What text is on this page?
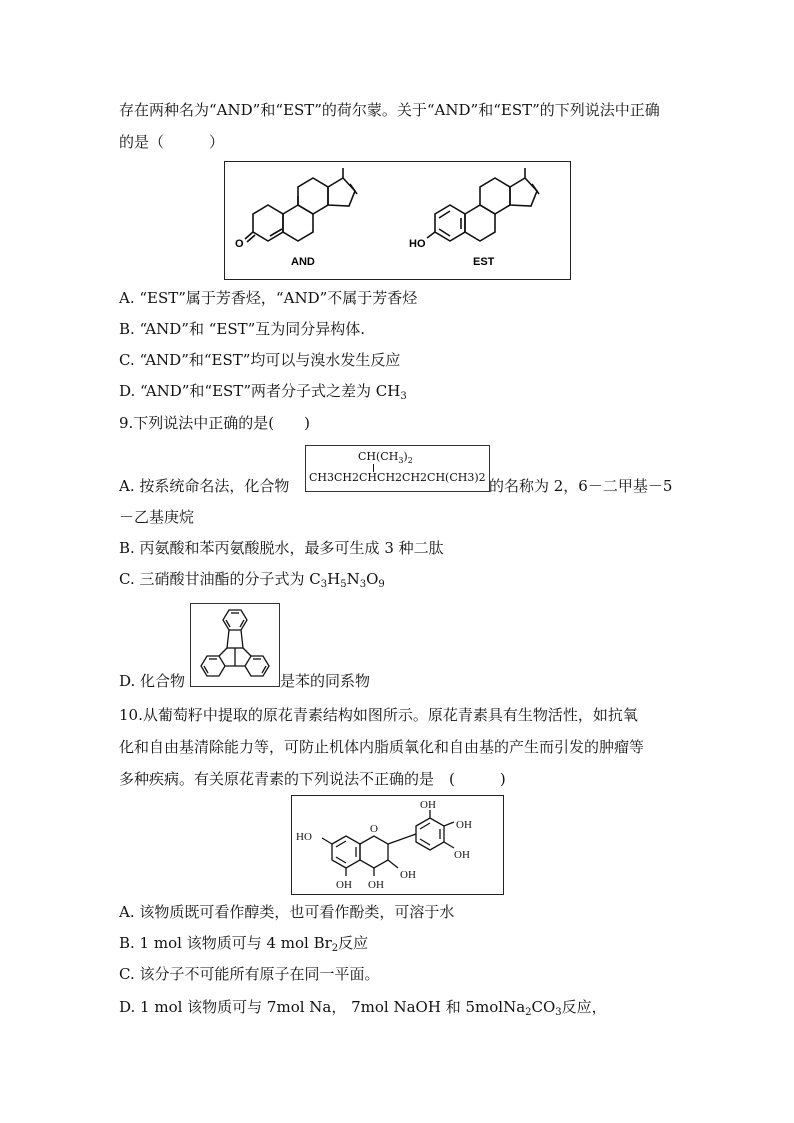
存在两种名为“AND”和“EST”的荷尔蒙。关于“AND”和“EST”的下列说法中正确
的是（　　　）
O
AND
HO
EST
A. “EST”属于芳香烃，“AND”不属于芳香烃
B. “AND”和 “EST”互为同分异构体.
C. “AND”和“EST”均可以与溴水发生反应
D. “AND”和“EST”两者分子式之差为 $CH_3$
9.下列说法中正确的是(　　)
A. 按系统命名法，化合物
$CH(CH_3)_2$
CH3CH2CHCH2CH2CH(CH3)2 的名称为 2，6－二甲基－5
－乙基庚烷
B. 丙氨酸和苯丙氨酸脱水，最多可生成 3 种二肽
C. 三硝酸甘油酯的分子式为 $C_3H_5N_3O_9$
D. 化合物	是苯的同系物
10.从葡萄籽中提取的原花青素结构如图所示。原花青素具有生物活性，如抗氧
化和自由基清除能力等，可防止机体内脂质氧化和自由基的产生而引发的肿瘤等
多种疾病。有关原花青素的下列说法不正确的是　(　　　)
HO
O
OH
OH
OH
OH OH
OH
A. 该物质既可看作醇类，也可看作酚类，可溶于水
B. 1 mol 该物质可与 4 mol $Br_2$反应
C. 该分子不可能所有原子在同一平面。
D. 1 mol 该物质可与 7mol Na， 7mol NaOH 和 $5molNa_2CO_3$反应，
